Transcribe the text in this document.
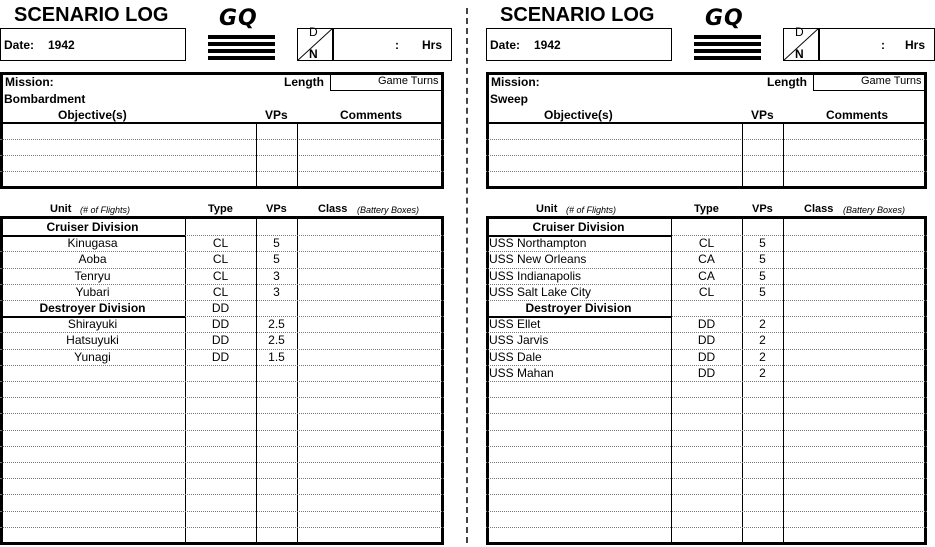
SCENARIO LOG GQ
Date: 1942
D
N
: Hrs
Mission:	Length	Game Turns
Bombardment
Objective(s)	VPs	Comments
Unit (# of Flights)	Type	VPs	Class (Battery Boxes)
Cruiser Division
Kinugasa	CL	5
Aoba	CL	5
Tenryu	CL	3
Yubari	CL	3
Destroyer Division	DD
Shirayuki	DD	2.5
Hatsuyuki	DD	2.5
Yunagi	DD	1.5
SCENARIO LOG GQ
Date: 1942
D
N
: Hrs
Mission:	Length	Game Turns
Sweep
Objective(s)	VPs	Comments
Unit (# of Flights)	Type	VPs	Class (Battery Boxes)
Cruiser Division
USS Northampton	CL	5
USS New Orleans	CA	5
USS Indianapolis	CA	5
USS Salt Lake City	CL	5
Destroyer Division
USS Ellet	DD	2
USS Jarvis	DD	2
USS Dale	DD	2
USS Mahan	DD	2
